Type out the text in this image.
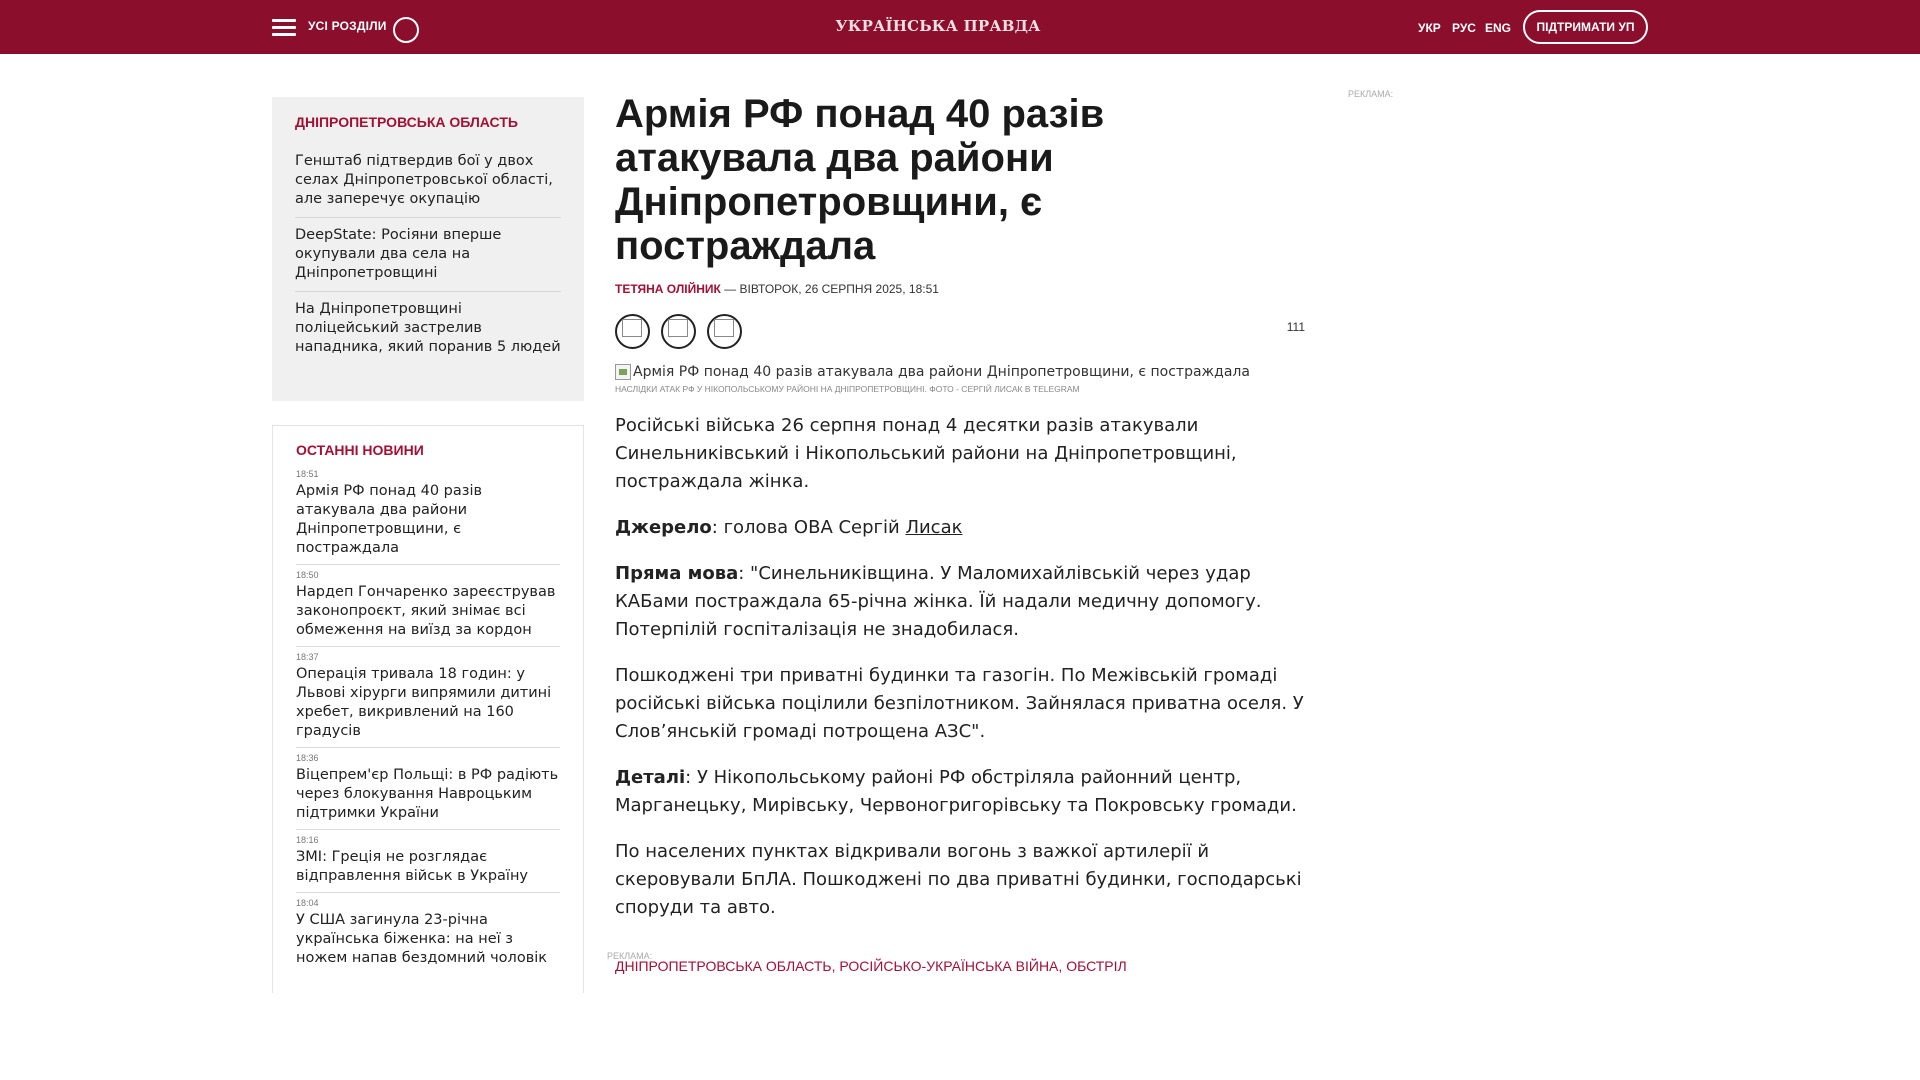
УСІ РОЗДІЛИ	УКРАЇНСЬКА ПРАВДА	УКР РУС ENG	ПІДТРИМАТИ УП
ДНІПРОПЕТРОВСЬКА ОБЛАСТЬ
Генштаб підтвердив бої у двох селах Дніпропетровської області, але заперечує окупацію
DeepState: Росіяни вперше окупували два села на Дніпропетровщині
На Дніпропетровщині поліцейський застрелив нападника, який поранив 5 людей
ОСТАННІ НОВИНИ
18:51
Армія РФ понад 40 разів атакувала два райони Дніпропетровщини, є постраждала
18:50
Нардеп Гончаренко зареєстрував законопроєкт, який знімає всі обмеження на виїзд за кордон
18:37
Операція тривала 18 годин: у Львові хірурги випрямили дитині хребет, викривлений на 160 градусів
18:36
Віцепрем'єр Польщі: в РФ радіють через блокування Навроцьким підтримки України
18:16
ЗМІ: Греція не розглядає відправлення військ в Україну
18:04
У США загинула 23-річна українська біженка: на неї з ножем напав бездомний чоловік
Армія РФ понад 40 разів атакувала два райони Дніпропетровщини, є постраждала
ТЕТЯНА ОЛІЙНИК — ВІВТОРОК, 26 СЕРПНЯ 2025, 18:51
111
Армія РФ понад 40 разів атакувала два райони Дніпропетровщини, є постраждала
НАСЛІДКИ АТАК РФ У НІКОПОЛЬСЬКОМУ РАЙОНІ НА ДНІПРОПЕТРОВЩИНІ. ФОТО - СЕРГІЙ ЛИСАК В TELEGRAM

Російські війська 26 серпня понад 4 десятки разів атакували Синельниківський і Нікопольський райони на Дніпропетровщині, постраждала жінка.

Джерело: голова ОВА Сергій Лисак

Пряма мова: "Синельниківщина. У Маломихайлівській через удар КАБами постраждала 65-річна жінка. Їй надали медичну допомогу. Потерпілій госпіталізація не знадобилася.

Пошкоджені три приватні будинки та газогін. По Межівській громаді російські війська поцілили безпілотником. Зайнялася приватна оселя. У Слов’янській громаді потрощена АЗС".

Деталі: У Нікопольському районі РФ обстріляла районний центр, Марганецьку, Мирівську, Червоногригорівську та Покровську громади.

По населених пунктах відкривали вогонь з важкої артилерії й скеровували БпЛА. Пошкоджені по два приватні будинки, господарські споруди та авто.

ДНІПРОПЕТРОВСЬКА ОБЛАСТЬ, РОСІЙСЬКО-УКРАЇНСЬКА ВІЙНА, ОБСТРІЛ
РЕКЛАМА:
РЕКЛАМА:
